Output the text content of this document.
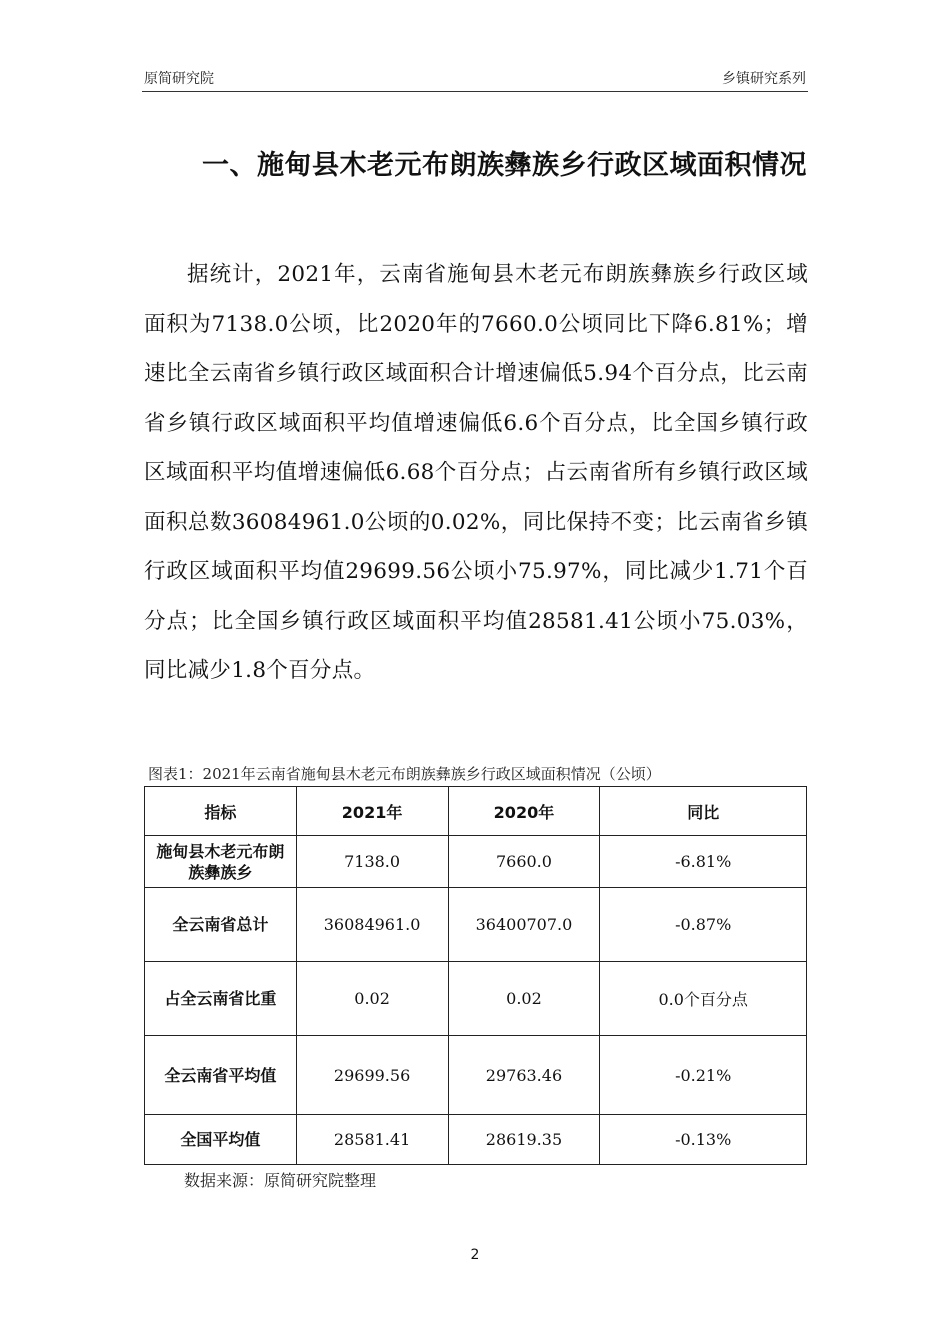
原简研究院	乡镇研究系列
一、施甸县木老元布朗族彝族乡行政区域面积情况

据统计，2021年，云南省施甸县木老元布朗族彝族乡行政区域面积为7138.0公顷，比2020年的7660.0公顷同比下降6.81%；增速比全云南省乡镇行政区域面积合计增速偏低5.94个百分点，比云南省乡镇行政区域面积平均值增速偏低6.6个百分点，比全国乡镇行政区域面积平均值增速偏低6.68个百分点；占云南省所有乡镇行政区域面积总数36084961.0公顷的0.02%，同比保持不变；比云南省乡镇行政区域面积平均值29699.56公顷小75.97%，同比减少1.71个百分点；比全国乡镇行政区域面积平均值28581.41公顷小75.03%，同比减少1.8个百分点。

图表1：2021年云南省施甸县木老元布朗族彝族乡行政区域面积情况（公顷）
指标	2021年	2020年	同比
施甸县木老元布朗族彝族乡	7138.0	7660.0	-6.81%
全云南省总计	36084961.0	36400707.0	-0.87%
占全云南省比重	0.02	0.02	0.0个百分点
全云南省平均值	29699.56	29763.46	-0.21%
全国平均值	28581.41	28619.35	-0.13%
数据来源：原简研究院整理
2
